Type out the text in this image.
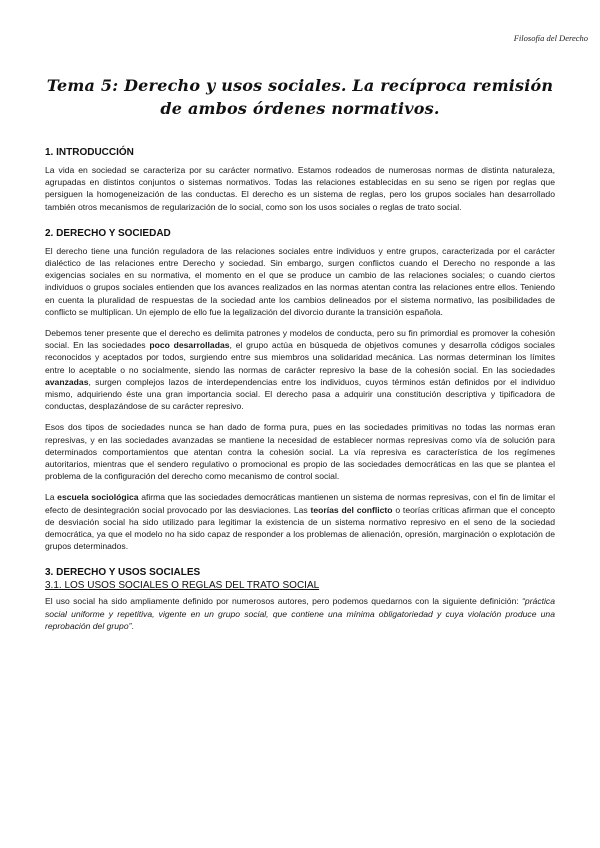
Filosofía del Derecho
Tema 5: Derecho y usos sociales. La recíproca remisión de ambos órdenes normativos.
1. INTRODUCCIÓN

La vida en sociedad se caracteriza por su carácter normativo. Estamos rodeados de numerosas normas de distinta naturaleza, agrupadas en distintos conjuntos o sistemas normativos. Todas las relaciones establecidas en su seno se rigen por reglas que persiguen la homogeneización de las conductas. El derecho es un sistema de reglas, pero los grupos sociales han desarrollado también otros mecanismos de regularización de lo social, como son los usos sociales o reglas de trato social.

2. DERECHO Y SOCIEDAD

El derecho tiene una función reguladora de las relaciones sociales entre individuos y entre grupos, caracterizada por el carácter dialéctico de las relaciones entre Derecho y sociedad. Sin embargo, surgen conflictos cuando el Derecho no responde a las exigencias sociales en su normativa, el momento en el que se produce un cambio de las relaciones sociales; o cuando ciertos individuos o grupos sociales entienden que los avances realizados en las normas atentan contra las relaciones entre ellos. Teniendo en cuenta la pluralidad de respuestas de la sociedad ante los cambios delineados por el sistema normativo, las posibilidades de conflicto se multiplican. Un ejemplo de ello fue la legalización del divorcio durante la transición española.

Debemos tener presente que el derecho es delimita patrones y modelos de conducta, pero su fin primordial es promover la cohesión social. En las sociedades poco desarrolladas, el grupo actúa en búsqueda de objetivos comunes y desarrolla códigos sociales reconocidos y aceptados por todos, surgiendo entre sus miembros una solidaridad mecánica. Las normas determinan los límites entre lo aceptable o no socialmente, siendo las normas de carácter represivo la base de la cohesión social. En las sociedades avanzadas, surgen complejos lazos de interdependencias entre los individuos, cuyos términos están definidos por el individuo mismo, adquiriendo éste una gran importancia social. El derecho pasa a adquirir una constitución descriptiva y tipificadora de conductas, desplazándose de su carácter represivo.

Esos dos tipos de sociedades nunca se han dado de forma pura, pues en las sociedades primitivas no todas las normas eran represivas, y en las sociedades avanzadas se mantiene la necesidad de establecer normas represivas como vía de solución para determinados comportamientos que atentan contra la cohesión social. La vía represiva es característica de los regímenes autoritarios, mientras que el sendero regulativo o promocional es propio de las sociedades democráticas en las que se plantea el problema de la configuración del derecho como mecanismo de control social.

La escuela sociológica afirma que las sociedades democráticas mantienen un sistema de normas represivas, con el fin de limitar el efecto de desintegración social provocado por las desviaciones. Las teorías del conflicto o teorías críticas afirman que el concepto de desviación social ha sido utilizado para legitimar la existencia de un sistema normativo represivo en el seno de la sociedad democrática, ya que el modelo no ha sido capaz de responder a los problemas de alienación, opresión, marginación o explotación de grupos determinados.

3. DERECHO Y USOS SOCIALES
3.1. LOS USOS SOCIALES O REGLAS DEL TRATO SOCIAL

El uso social ha sido ampliamente definido por numerosos autores, pero podemos quedarnos con la siguiente definición: “práctica social uniforme y repetitiva, vigente en un grupo social, que contiene una mínima obligatoriedad y cuya violación produce una reprobación del grupo”.
